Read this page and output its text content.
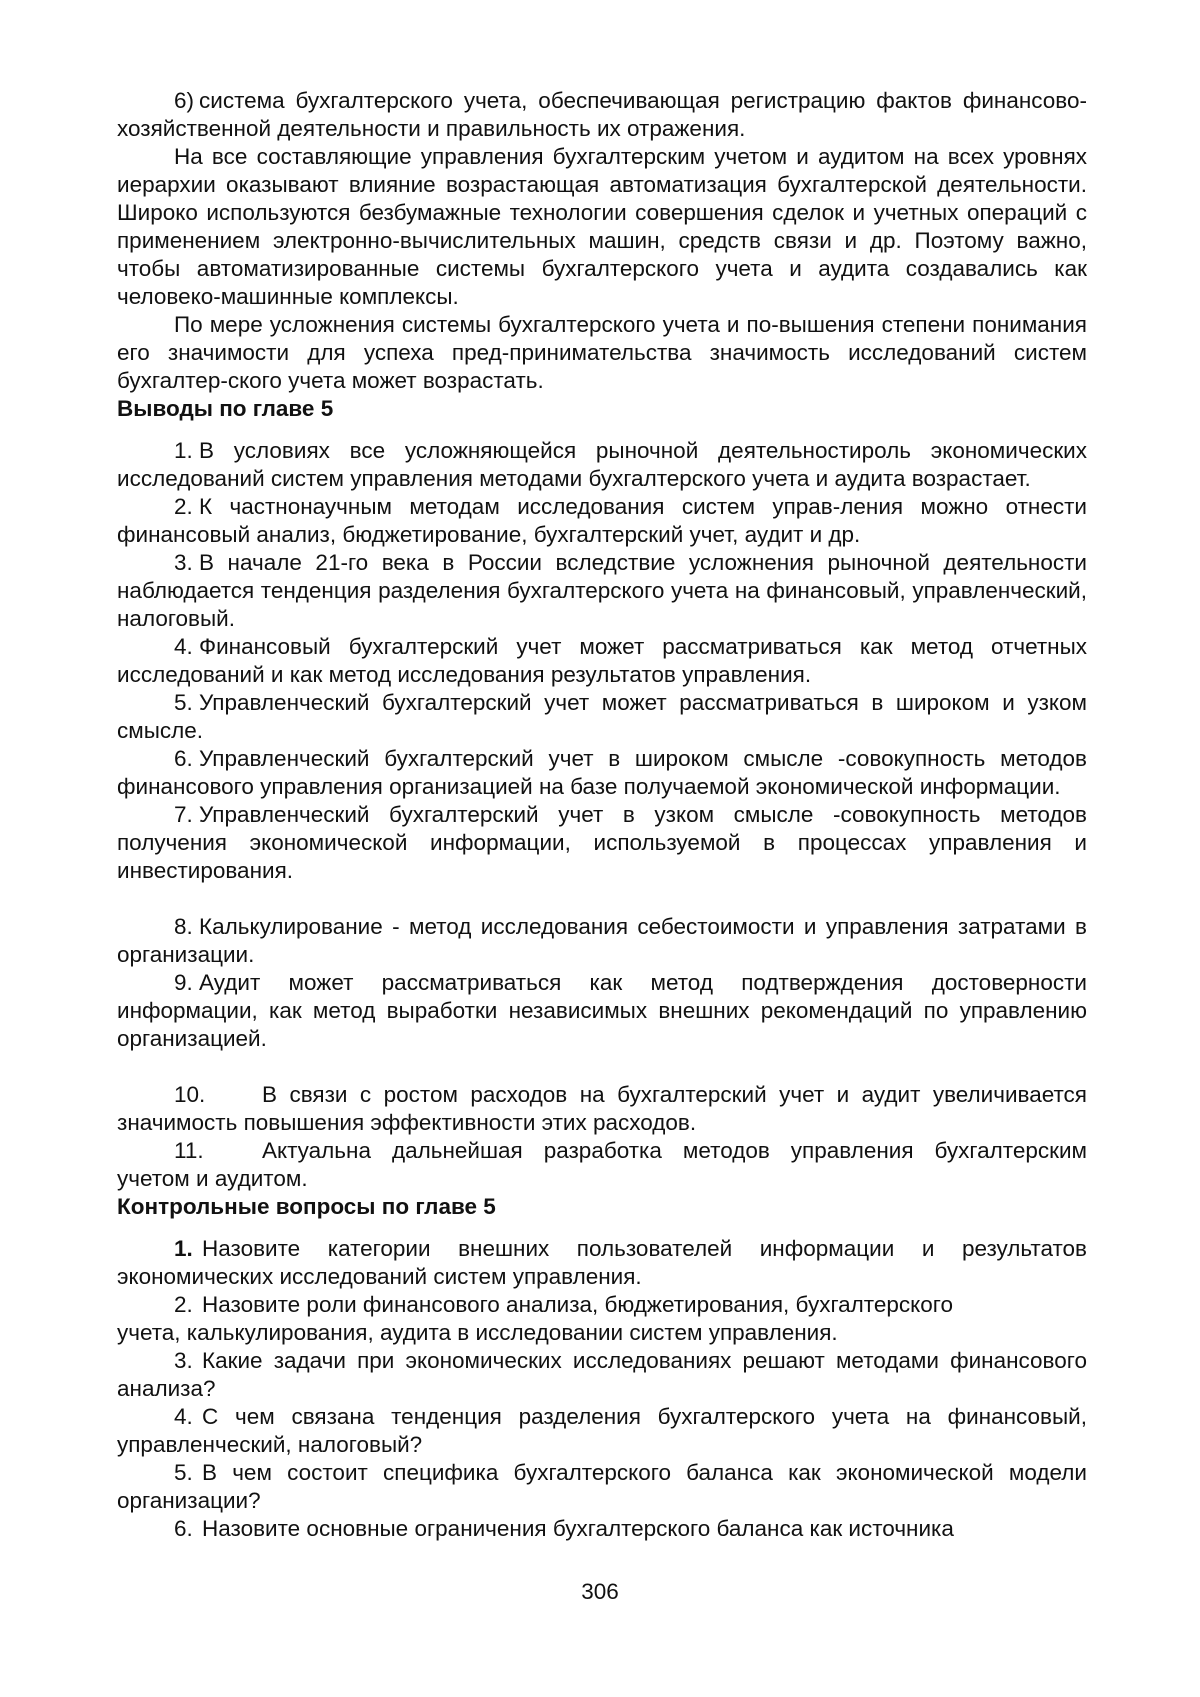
6) система бухгалтерского учета, обеспечивающая регистрацию фактов финансово-хозяйственной деятельности и правильность их отражения.

На все составляющие управления бухгалтерским учетом и аудитом на всех уровнях иерархии оказывают влияние возрастающая автоматизация бухгалтерской деятельности. Широко используются безбумажные технологии совершения сделок и учетных операций с применением электронно-вычислительных машин, средств связи и др. Поэтому важно, чтобы автоматизированные системы бухгалтерского учета и аудита создавались как человеко-машинные комплексы.

По мере усложнения системы бухгалтерского учета и по-вышения степени понимания его значимости для успеха пред-принимательства значимость исследований систем бухгалтер-ского учета может возрастать.

Выводы по главе 5

1. В условиях все усложняющейся рыночной деятельностироль экономических исследований систем управления методами бухгалтерского учета и аудита возрастает.

2. К частнонаучным методам исследования систем управ-ления можно отнести финансовый анализ, бюджетирование, бухгалтерский учет, аудит и др.

3. В начале 21-го века в России вследствие усложнения рыночной деятельности наблюдается тенденция разделения бухгалтерского учета на финансовый, управленческий, налоговый.

4. Финансовый бухгалтерский учет может рассматриваться как метод отчетных исследований и как метод исследования результатов управления.

5. Управленческий бухгалтерский учет может рассматриваться в широком и узком смысле.

6. Управленческий бухгалтерский учет в широком смысле -совокупность методов финансового управления организацией на базе получаемой экономической информации.

7. Управленческий бухгалтерский учет в узком смысле -совокупность методов получения экономической информации, используемой в процессах управления и инвестирования.

8. Калькулирование - метод исследования себестоимости и управления затратами в организации.

9. Аудит может рассматриваться как метод подтверждения достоверности информации, как метод выработки независимых внешних рекомендаций по управлению организацией.

10.	В связи с ростом расходов на бухгалтерский учет и аудит увеличивается значимость повышения эффективности этих расходов.

11.	Актуальна дальнейшая разработка методов управления бухгалтерским учетом и аудитом.

Контрольные вопросы по главе 5

1. Назовите категории внешних пользователей информации и результатов экономических исследований систем управления.

2. Назовите роли финансового анализа, бюджетирования, бухгалтерского
учета, калькулирования, аудита в исследовании систем управления.

3. Какие задачи при экономических исследованиях решают методами финансового анализа?

4. С чем связана тенденция разделения бухгалтерского учета на финансовый, управленческий, налоговый?

5. В чем состоит специфика бухгалтерского баланса как экономической модели организации?

6. Назовите основные ограничения бухгалтерского баланса как источника

306
